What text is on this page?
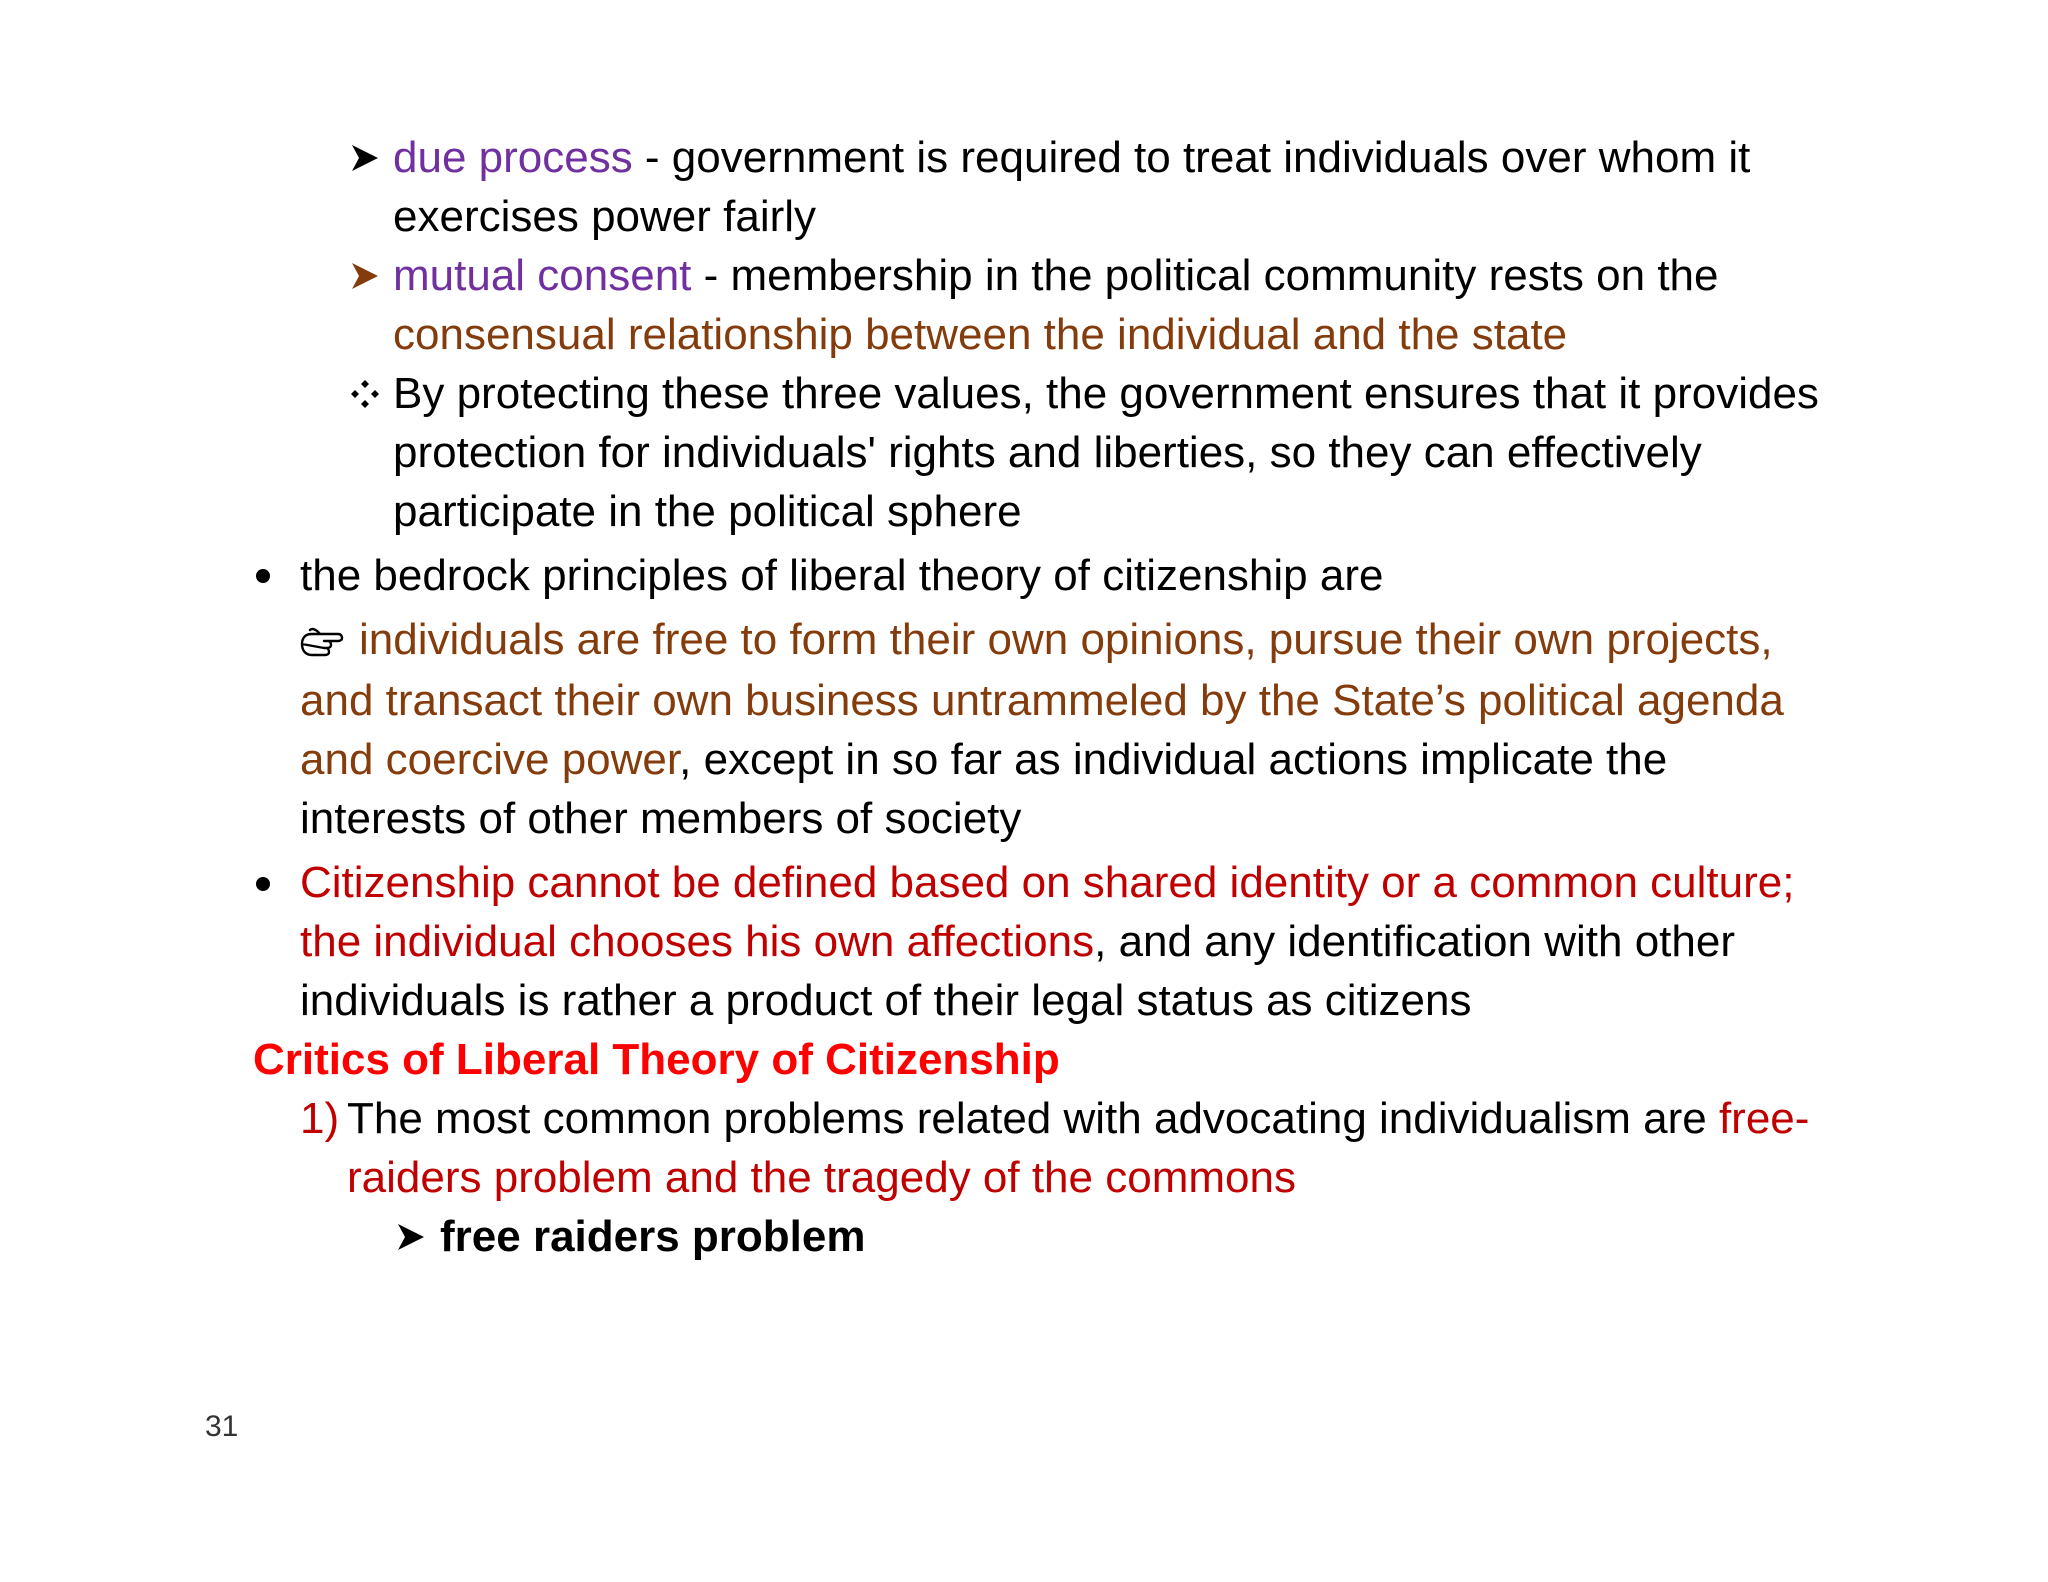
due process - government is required to treat individuals over whom it
exercises power fairly
mutual consent - membership in the political community rests on the
consensual relationship between the individual and the state
By protecting these three values, the government ensures that it provides
protection for individuals' rights and liberties, so they can effectively
participate in the political sphere
the bedrock principles of liberal theory of citizenship are
individuals are free to form their own opinions, pursue their own projects,
and transact their own business untrammeled by the State’s political agenda
and coercive power, except in so far as individual actions implicate the
interests of other members of society
Citizenship cannot be defined based on shared identity or a common culture;
the individual chooses his own affections, and any identification with other
individuals is rather a product of their legal status as citizens
Critics of Liberal Theory of Citizenship
1) The most common problems related with advocating individualism are free-
raiders problem and the tragedy of the commons
free raiders problem
31
